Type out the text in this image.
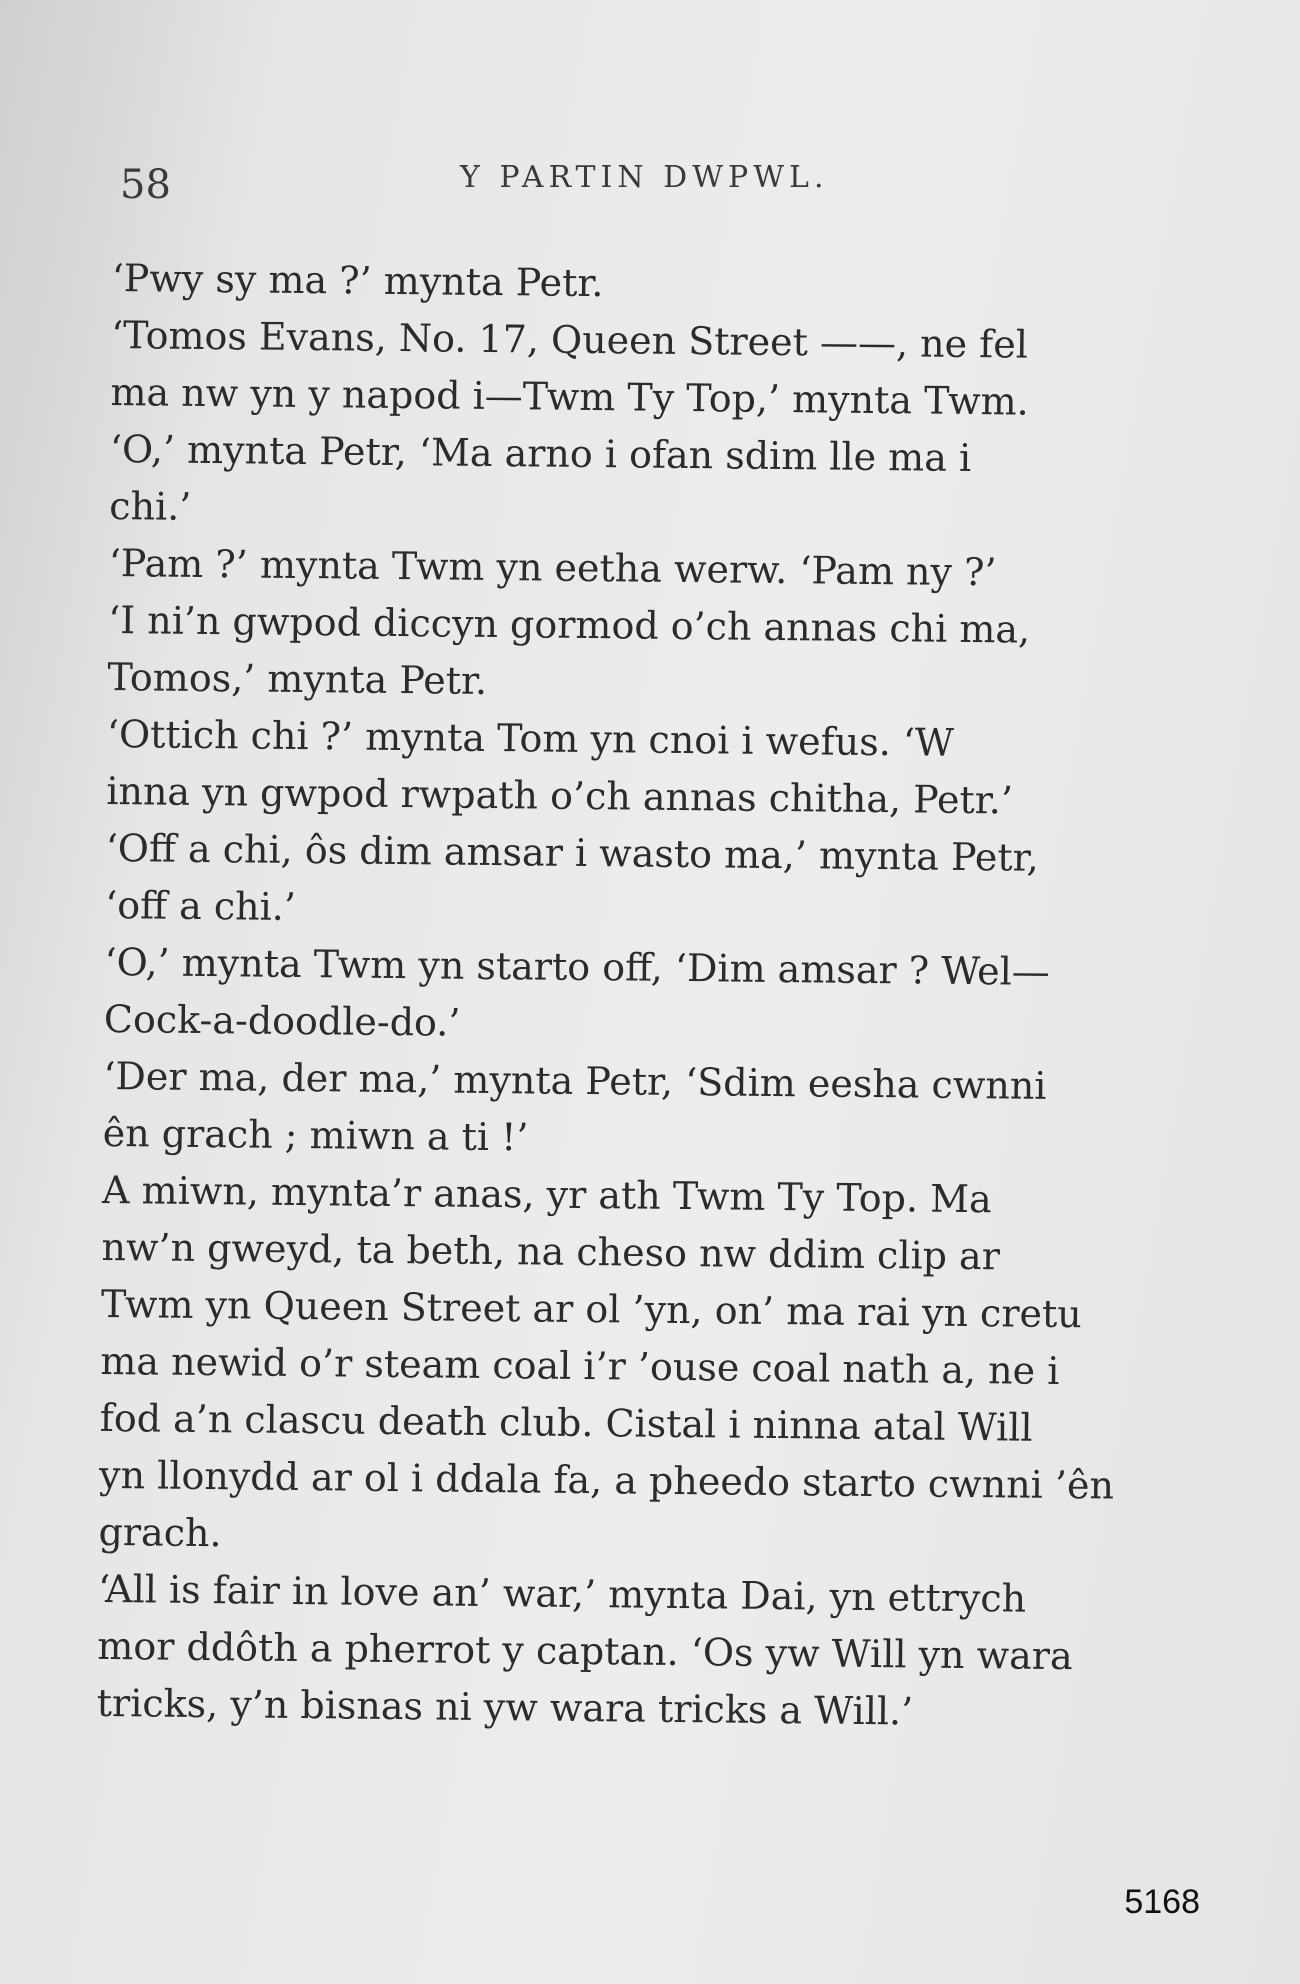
58	Y PARTIN DWPWL.

‘Pwy sy ma ?’ mynta Petr.

‘Tomos Evans, No. 17, Queen Street ——, ne fel
ma nw yn y napod i—Twm Ty Top,’ mynta Twm.

‘O,’ mynta Petr, ‘Ma arno i ofan sdim lle ma i
chi.’

‘Pam ?’ mynta Twm yn eetha werw. ‘Pam ny ?’

‘I ni’n gwpod diccyn gormod o’ch annas chi ma,
Tomos,’ mynta Petr.

‘Ottich chi ?’ mynta Tom yn cnoi i wefus. ‘W
inna yn gwpod rwpath o’ch annas chitha, Petr.’

‘Off a chi, ôs dim amsar i wasto ma,’ mynta Petr,
‘off a chi.’

‘O,’ mynta Twm yn starto off, ‘Dim amsar ? Wel—
Cock-a-doodle-do.’

‘Der ma, der ma,’ mynta Petr, ‘Sdim eesha cwnni
ên grach ; miwn a ti !’

A miwn, mynta’r anas, yr ath Twm Ty Top. Ma
nw’n gweyd, ta beth, na cheso nw ddim clip ar
Twm yn Queen Street ar ol ’yn, on’ ma rai yn cretu
ma newid o’r steam coal i’r ’ouse coal nath a, ne i
fod a’n clascu death club. Cistal i ninna atal Will
yn llonydd ar ol i ddala fa, a pheedo starto cwnni ’ên
grach.

‘All is fair in love an’ war,’ mynta Dai, yn ettrych
mor ddôth a pherrot y captan. ‘Os yw Will yn wara
tricks, y’n bisnas ni yw wara tricks a Will.’

5168
